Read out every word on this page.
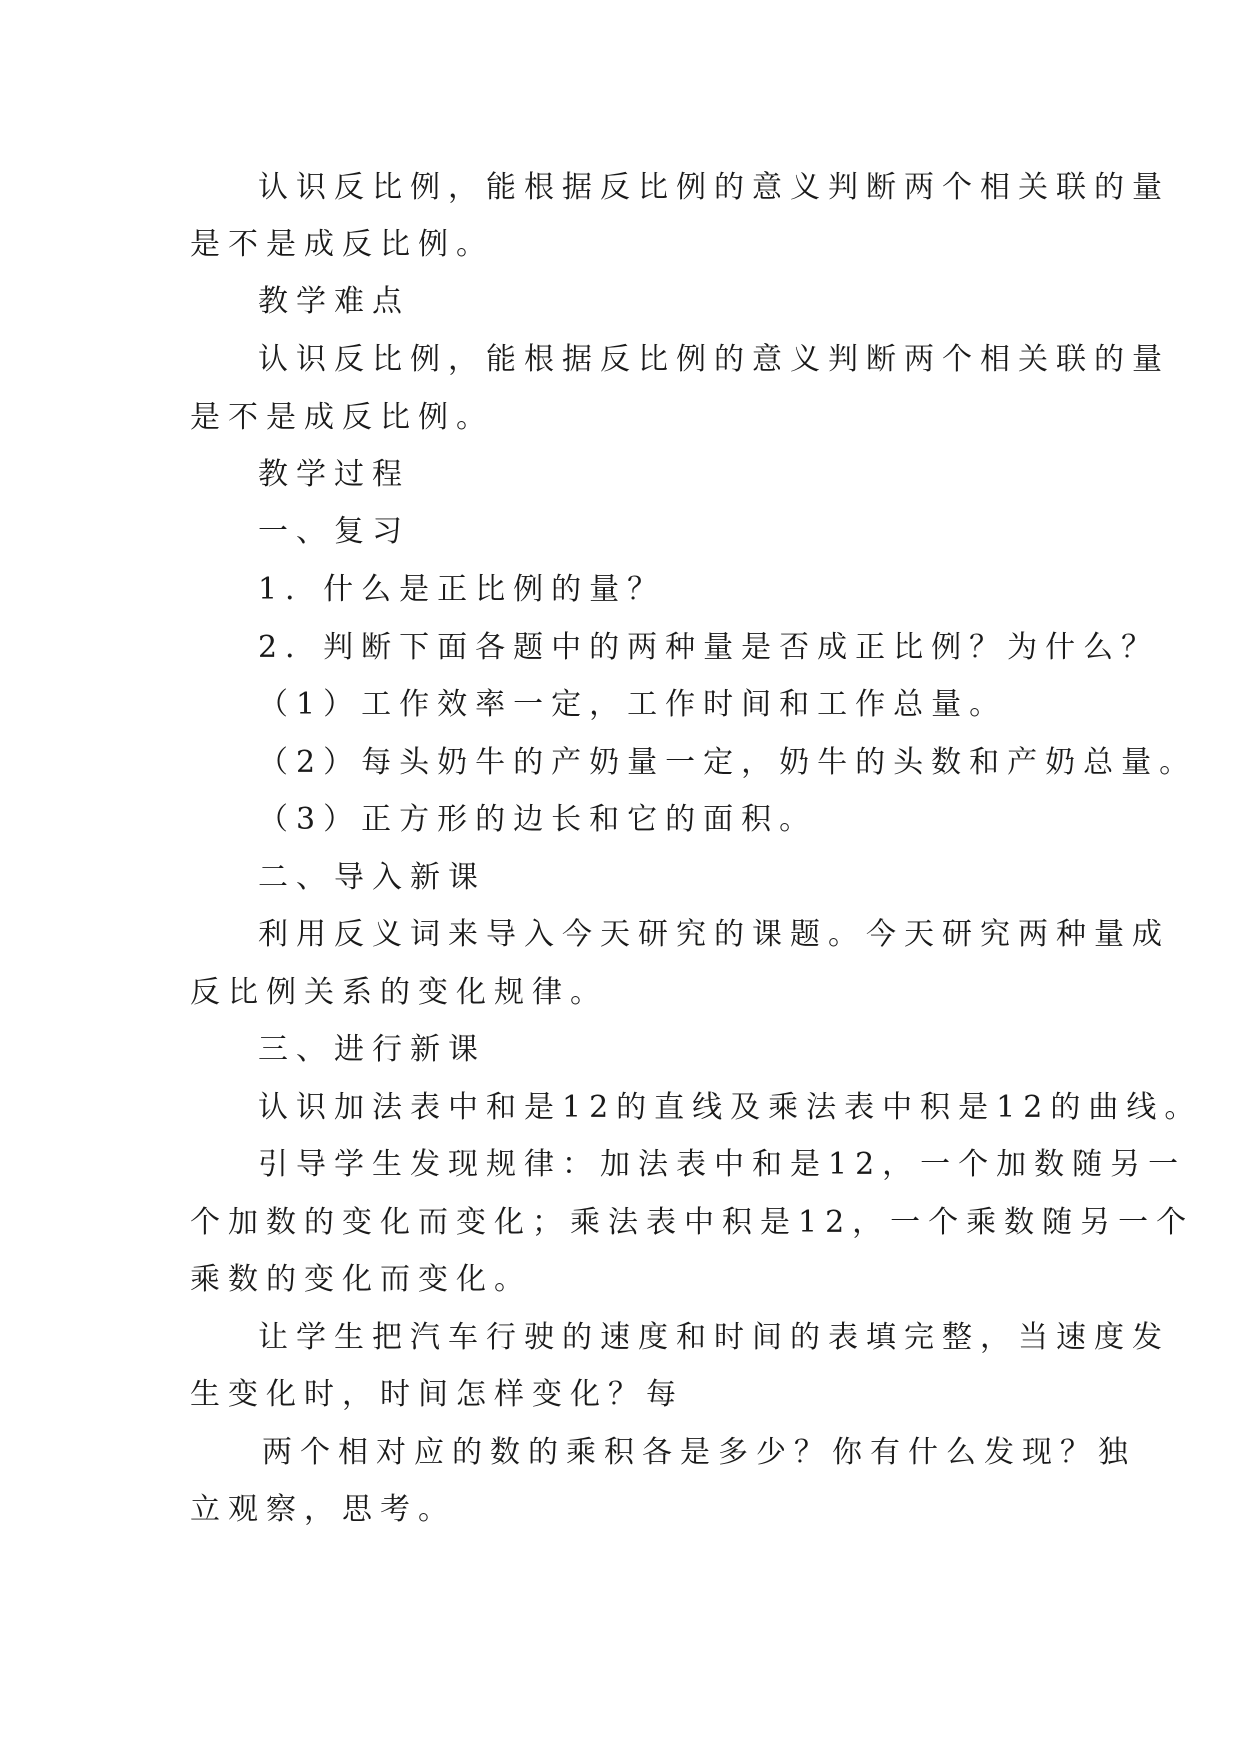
认识反比例，能根据反比例的意义判断两个相关联的量
是不是成反比例。
教学难点
认识反比例，能根据反比例的意义判断两个相关联的量
是不是成反比例。
教学过程
一、复习
1．什么是正比例的量？
2．判断下面各题中的两种量是否成正比例？为什么？
（1）工作效率一定，工作时间和工作总量。
（2）每头奶牛的产奶量一定，奶牛的头数和产奶总量。
（3）正方形的边长和它的面积。
二、导入新课
利用反义词来导入今天研究的课题。今天研究两种量成
反比例关系的变化规律。
三、进行新课
认识加法表中和是12的直线及乘法表中积是12的曲线。
引导学生发现规律：加法表中和是12，一个加数随另一
个加数的变化而变化；乘法表中积是12，一个乘数随另一个
乘数的变化而变化。
让学生把汽车行驶的速度和时间的表填完整，当速度发
生变化时，时间怎样变化？每
两个相对应的数的乘积各是多少？你有什么发现？独
立观察，思考。
